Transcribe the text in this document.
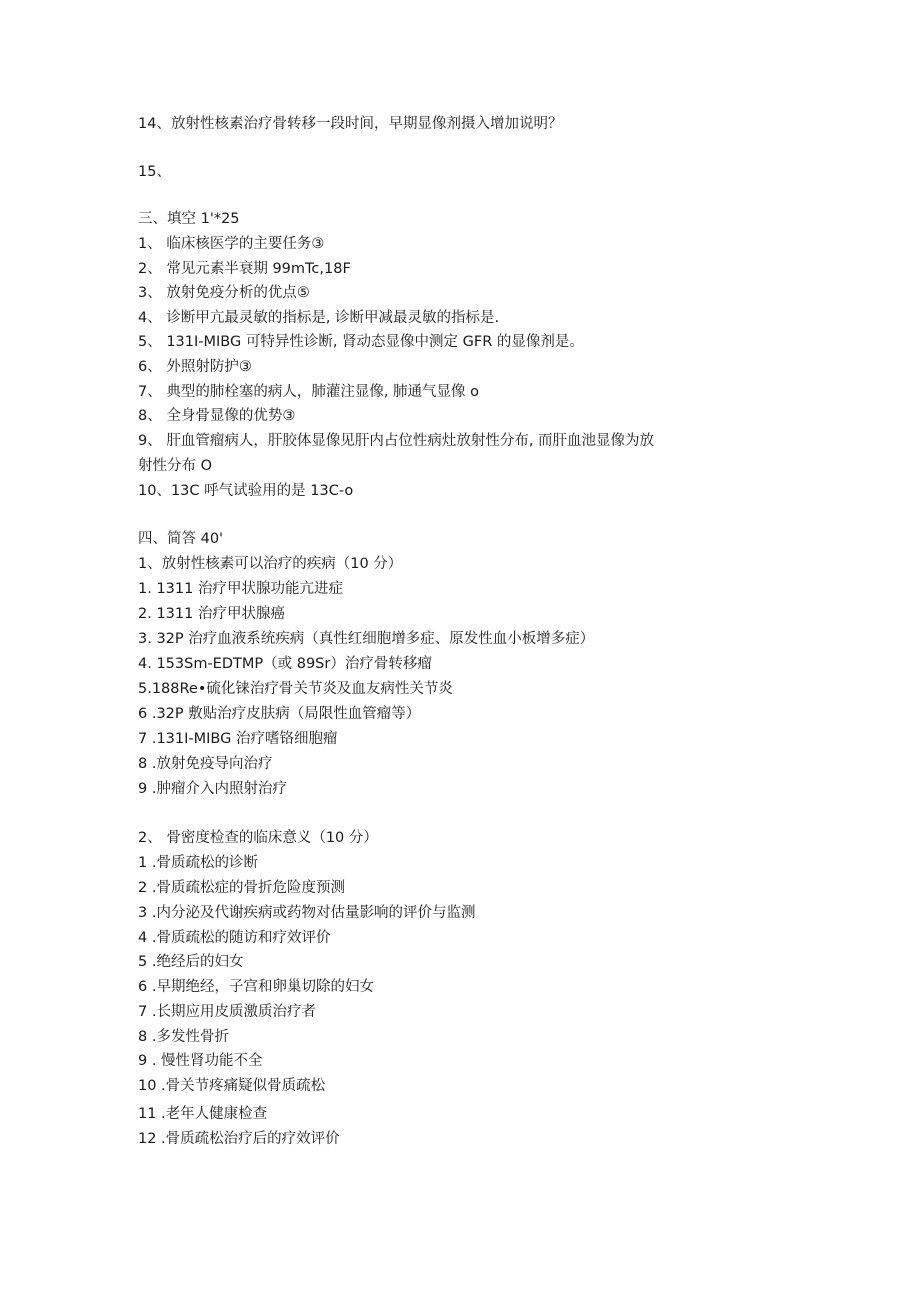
14、放射性核素治疗骨转移一段时间，早期显像剂摄入增加说明？
15、
三、填空 1'*25
1、 临床核医学的主要任务③
2、 常见元素半衰期 99mTc,18F
3、 放射免疫分析的优点⑤
4、 诊断甲亢最灵敏的指标是, 诊断甲减最灵敏的指标是.
5、 131I-MIBG 可特异性诊断, 肾动态显像中测定 GFR 的显像剂是。
6、 外照射防护③
7、 典型的肺栓塞的病人，肺灌注显像, 肺通气显像 o
8、 全身骨显像的优势③
9、 肝血管瘤病人，肝胶体显像见肝内占位性病灶放射性分布, 而肝血池显像为放
射性分布 O
10、13C 呼气试验用的是 13C-o
四、简答 40'
1、放射性核素可以治疗的疾病（10 分）
1. 1311 治疗甲状腺功能亢进症
2. 1311 治疗甲状腺癌
3. 32P 治疗血液系统疾病（真性红细胞增多症、原发性血小板增多症）
4. 153Sm-EDTMP（或 89Sr）治疗骨转移瘤
5.188Re•硫化铼治疗骨关节炎及血友病性关节炎
6 .32P 敷贴治疗皮肤病（局限性血管瘤等）
7 .131I-MIBG 治疗嗜铬细胞瘤
8 .放射免疫导向治疗
9 .肿瘤介入内照射治疗
2、 骨密度检查的临床意义（10 分）
1 .骨质疏松的诊断
2 .骨质疏松症的骨折危险度预测
3 .内分泌及代谢疾病或药物对估量影响的评价与监测
4 .骨质疏松的随访和疗效评价
5 .绝经后的妇女
6 .早期绝经，子宫和卵巢切除的妇女
7 .长期应用皮质激质治疗者
8 .多发性骨折
9 . 慢性肾功能不全
10 .骨关节疼痛疑似骨质疏松
11 .老年人健康检查
12 .骨质疏松治疗后的疗效评价
